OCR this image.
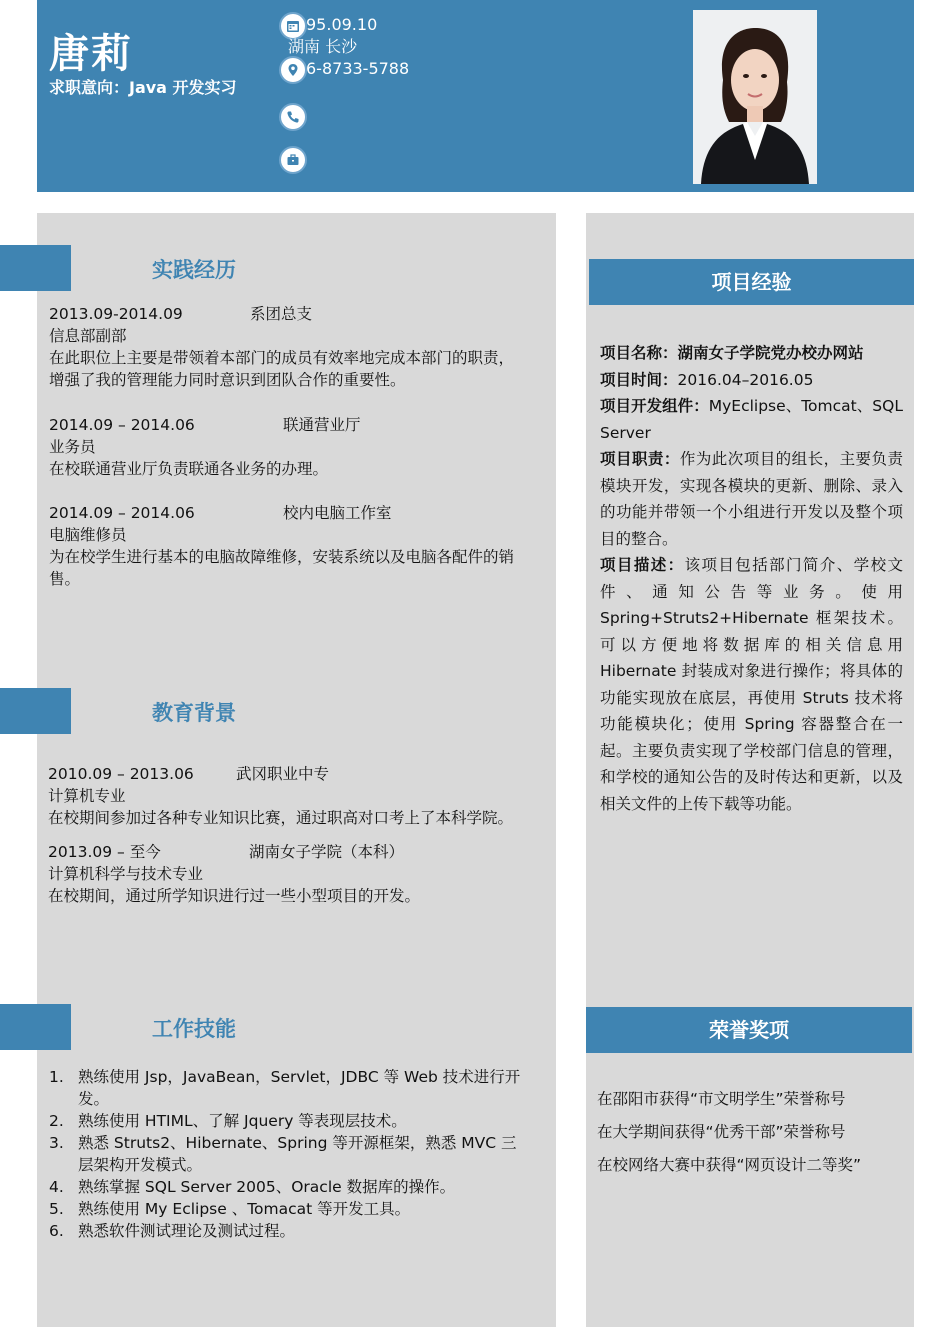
唐莉
求职意向：Java 开发实习
95.09.10
湖南 长沙
6-8733-5788
实践经历
2013.09-2014.09	系团总支
信息部副部
在此职位上主要是带领着本部门的成员有效率地完成本部门的职责，增强了我的管理能力同时意识到团队合作的重要性。
2014.09 – 2014.06	联通营业厅
业务员
在校联通营业厅负责联通各业务的办理。
2014.09 – 2014.06	校内电脑工作室
电脑维修员
为在校学生进行基本的电脑故障维修，安装系统以及电脑各配件的销售。
教育背景
2010.09 – 2013.06	武冈职业中专
计算机专业
在校期间参加过各种专业知识比赛，通过职高对口考上了本科学院。
2013.09 – 至今	湖南女子学院（本科）
计算机科学与技术专业
在校期间，通过所学知识进行过一些小型项目的开发。
工作技能
1. 熟练使用 Jsp，JavaBean，Servlet，JDBC 等 Web 技术进行开发。
2. 熟练使用 HTIML、了解 Jquery 等表现层技术。
3. 熟悉 Struts2、Hibernate、Spring 等开源框架，熟悉 MVC 三层架构开发模式。
4. 熟练掌握 SQL Server 2005、Oracle 数据库的操作。
5. 熟练使用 My Eclipse 、Tomacat 等开发工具。
6. 熟悉软件测试理论及测试过程。
项目经验
项目名称：湖南女子学院党办校办网站
项目时间：2016.04–2016.05
项目开发组件：MyEclipse、Tomcat、SQL Server
项目职责：作为此次项目的组长，主要负责模块开发，实现各模块的更新、删除、录入的功能并带领一个小组进行开发以及整个项目的整合。
项目描述：该项目包括部门简介、学校文件、通知公告等业务。使用 Spring+Struts2+Hibernate 框架技术。可以方便地将数据库的相关信息用 Hibernate 封装成对象进行操作；将具体的功能实现放在底层，再使用 Struts 技术将功能模块化；使用 Spring 容器整合在一起。主要负责实现了学校部门信息的管理，和学校的通知公告的及时传达和更新，以及相关文件的上传下载等功能。
荣誉奖项
在邵阳市获得“市文明学生”荣誉称号
在大学期间获得“优秀干部”荣誉称号
在校网络大赛中获得“网页设计二等奖”
